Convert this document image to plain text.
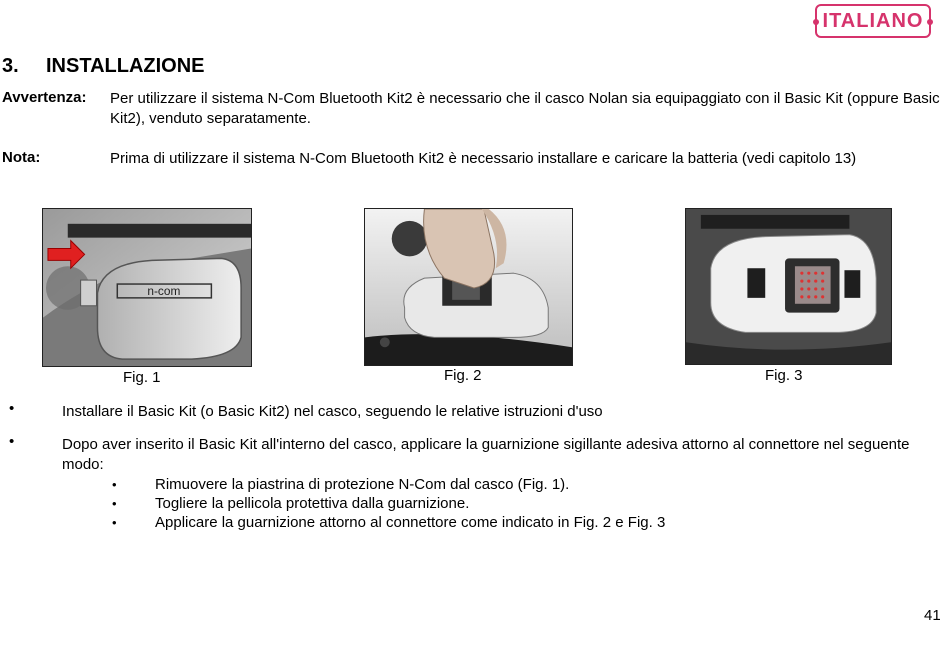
ITALIANO
3. INSTALLAZIONE
Avvertenza: Per utilizzare il sistema N-Com Bluetooth Kit2 è necessario che il casco Nolan sia equipaggiato con il Basic Kit (oppure Basic Kit2), venduto separatamente.
Nota:	Prima di utilizzare il sistema N-Com Bluetooth Kit2 è necessario installare e caricare la batteria (vedi capitolo 13)
n-com
Fig. 1	Fig. 2	Fig. 3
•	Installare il Basic Kit (o Basic Kit2) nel casco, seguendo le relative istruzioni d'uso
•	Dopo aver inserito il Basic Kit all'interno del casco, applicare la guarnizione sigillante adesiva attorno al connettore nel seguente modo:
•	Rimuovere la piastrina di protezione N-Com dal casco (Fig. 1).
•	Togliere la pellicola protettiva dalla guarnizione.
•	Applicare la guarnizione attorno al connettore come indicato in Fig. 2 e Fig. 3
41
